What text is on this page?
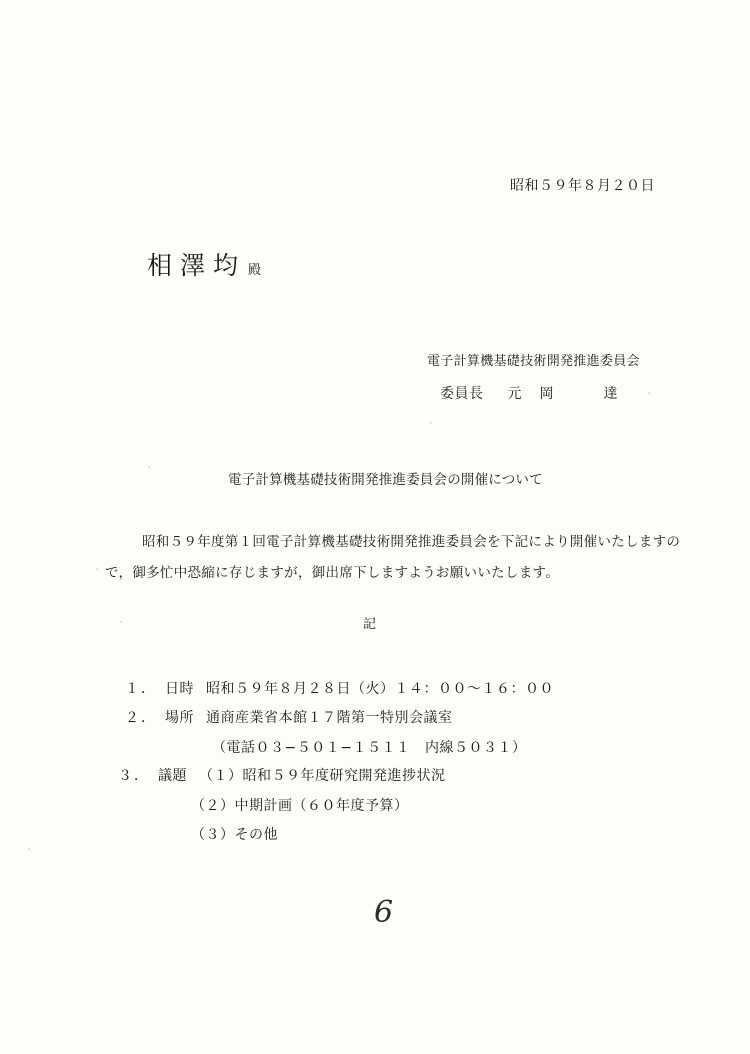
昭和５９年８月２０日
相澤均 殿
電子計算機基礎技術開発推進委員会
委員長 元岡　達
電子計算機基礎技術開発推進委員会の開催について
昭和５９年度第１回電子計算機基礎技術開発推進委員会を下記により開催いたしますの
で，御多忙中恐縮に存じますが，御出席下しますようお願いいたします。
記
１． 日時 昭和５９年８月２８日（火）１４：００〜１６：００
２． 場所 通商産業省本館１７階第一特別会議室
（電話０３−５０１−１５１１　内線５０３１）
３． 議題 （１）昭和５９年度研究開発進捗状況
（２）中期計画（６０年度予算）
（３）その他
6
